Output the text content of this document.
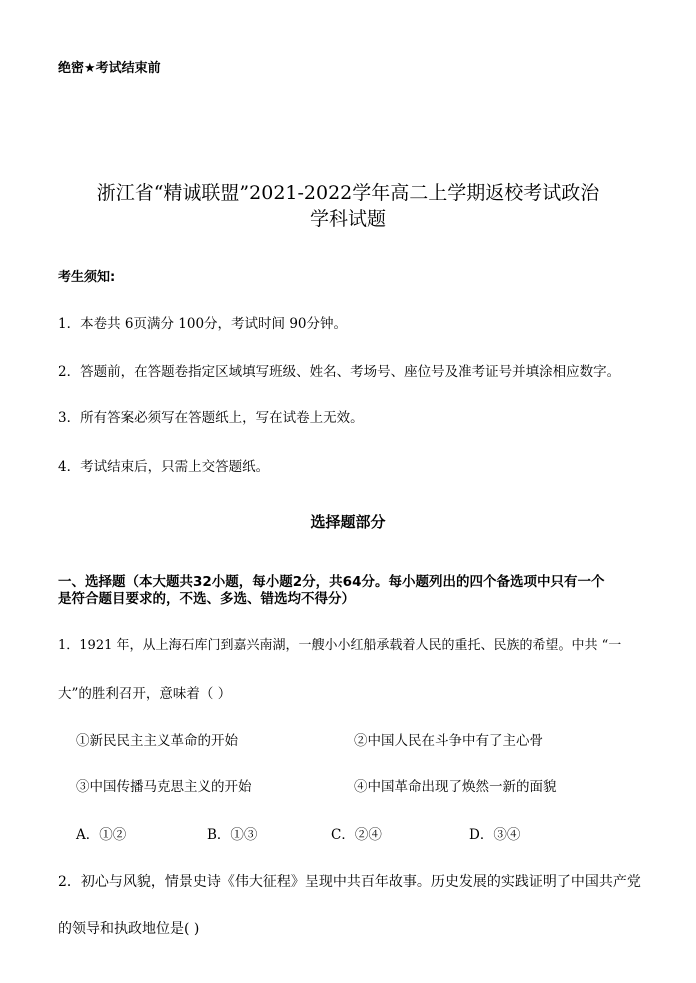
绝密★考试结束前
浙江省“精诚联盟”2021-2022学年高二上学期返校考试政治
学科试题
考生须知:
1．本卷共 6页满分 100分，考试时间 90分钟。
2．答题前，在答题卷指定区域填写班级、姓名、考场号、座位号及准考证号并填涂相应数字。
3．所有答案必须写在答题纸上，写在试卷上无效。
4．考试结束后，只需上交答题纸。
选择题部分
一、选择题（本大题共32小题，每小题2分，共64分。每小题列出的四个备选项中只有一个
是符合题目要求的，不选、多选、错选均不得分）
1．1921 年，从上海石库门到嘉兴南湖，一艘小小红船承载着人民的重托、民族的希望。中共 “一
大”的胜利召开，意味着（ ）
①新民民主主义革命的开始	②中国人民在斗争中有了主心骨
③中国传播马克思主义的开始	④中国革命出现了焕然一新的面貌
A．①②	B．①③	C．②④	D．③④
2．初心与风貌，情景史诗《伟大征程》呈现中共百年故事。历史发展的实践证明了中国共产党
的领导和执政地位是( )
